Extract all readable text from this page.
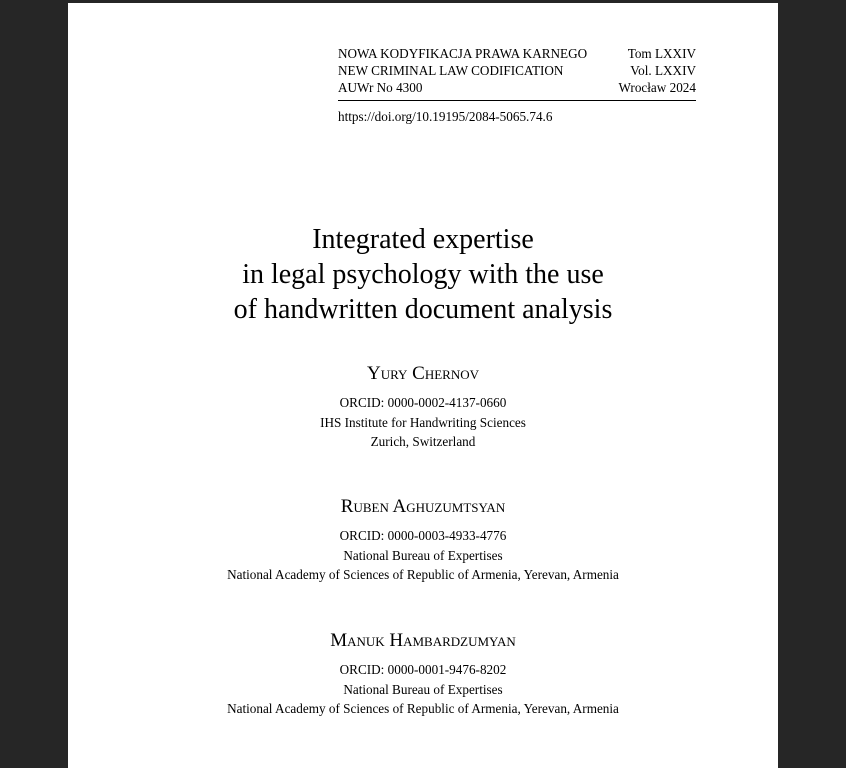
NOWA KODYFIKACJA PRAWA KARNEGO	Tom LXXIV
NEW CRIMINAL LAW CODIFICATION	Vol. LXXIV
AUWr No 4300	Wrocław 2024
https://doi.org/10.19195/2084-5065.74.6
Integrated expertise
in legal psychology with the use
of handwritten document analysis
Yury Chernov
ORCID: 0000-0002-4137-0660
IHS Institute for Handwriting Sciences
Zurich, Switzerland
Ruben Aghuzumtsyan
ORCID: 0000-0003-4933-4776
National Bureau of Expertises
National Academy of Sciences of Republic of Armenia, Yerevan, Armenia
Manuk Hambardzumyan
ORCID: 0000-0001-9476-8202
National Bureau of Expertises
National Academy of Sciences of Republic of Armenia, Yerevan, Armenia
